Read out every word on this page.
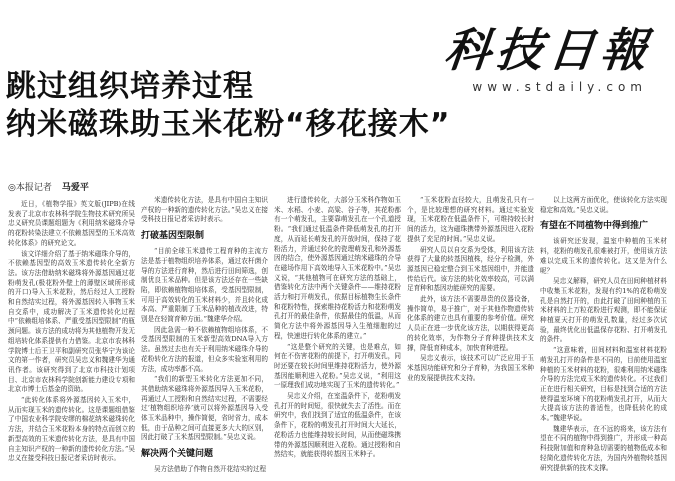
科技日報
www.stdaily.com
跳过组织培养过程
纳米磁珠助玉米花粉“移花接木”
◎本报记者 马爱平

近日，《植物学报》英文版(JIPB)在线发表了北京市农林科学院生物技术研究所吴忠义研究员课题组题为《利用纳米磁珠介导的花粉转染法建立不依赖基因型的玉米高效转化体系》的研究论文。

该文详细介绍了基于纳米磁珠介导的，不依赖基因型的高效玉米遗传转化全新方法。该方法借助纳米磁珠将外源基因通过花粉萌发孔(极花粉外壁上的薄壁区域所形成的开口)导入玉米花粉，然后经过人工授粉和自然结实过程，将外源基因转入事物玉米自交系中，成功解决了玉米遗传转化过程中“依赖组培体系、严重受基因型限制”的瓶颈问题。该方法的成功将为其他植物开发无组培转化体系提供有力借鉴。北京市农林科学院博士后王卫平和副研究员张华宁为该论文的第一作者，研究员吴忠义和魏建华为通讯作者。该研究得到了北京市科技计划项目、北京市农林科学院创新能力建设专项和北京市博士后基金的资助。

“此转化体系将外源基因转入玉米中，从而实现玉米的遗传转化。这是课题组借鉴了中国农业科学院安缪的棉花纳米磁珠转化方法，并结合玉米花粉本身的特点而创立的新型高效的玉米遗传转化方法，是具有中国自主知识产权的一种新的遗传转化方法。”吴忠义在接受科技日报记者采访时表示。

米遗传转化方法，是具有中国自主知识产权的一种新的遗传转化方法。”吴忠义在接受科技日报记者采访时表示。

打破基因型限制

“目前全球玉米遗传工程育种的主流方法是基于植物组织培养体系，通过农杆菌介导的方法进行育种，然后进行田间筛选，创制优良玉米品种。但是该方法还存在一些缺陷，即依赖植物组培体系，受基因型限制，可用于高效转化的玉米材料少，并且转化成本高、严重限制了玉米品种的植改改进，特别是在轻简育种方面。”魏建华介绍。

因此急需一种不依赖植物组培体系，不受基因型限制的玉米新型高效DNA导入方法。虽然过去也有关于利用纳米磁珠介导的花粉转化方法的报道，但众多实验室利用的方法，成功率都不高。

“我们的新型玉米转化方法更加不同，其借助纳米磁珠将外源基因导入玉米花粉，再通过人工授粉和自然结实过程，不需要经过‘植物组织培养’就可以将外源基因导入受体玉米品种中，操作简便，省时省力，成本低，由于品种之间可直接更多大大的区别，因此打破了玉米基因型限制。”吴忠义说。

解决两个关键问题

吴方法借助了作物自然开花结实的过程

进行遗传转化，大部分玉米科作物如玉米、水稻、小麦、高粱、谷子等，其花粉都有一个萌发孔，主要靠萌发孔在一个孔道授粉。“我们通过低温条件降低萌发孔的打开度，从而延长萌发孔的开放时间，保持了花粉活力，并通过转化的瓷理萌发孔和外源基因的结合，使外源基因通过纳米磁珠的介导在磁场作用下高效地导入玉米花粉中。”吴忠义说，“其他植物可在研究方法的基础上，借鉴转化方法中两个关键条件——维持花粉活力和打开萌发孔，依据目标植物生长条件和花粉特性，探索维持花粉活力和花粉萌发孔打开的最佳条件，依据最佳的低温，从而简化方法中将外源基因导入生殖细胞的过程，快速进行转化体系的建立。”

“这是整个研究的关键，也是难点，如何在不伤害花粉的前提下，打开萌发孔，同时还要在较长时间里维持花粉活力，使外源基因能顺利进入花粉。”吴忠义说，“利用这一原理我们成功地实现了玉米的遗传转化。”

吴忠义介绍，在室温条件下，花粉萌发孔打开的时间短，很快就失去了活性。而在研究中，我们找到了适宜的低温条件，在该条件下，花粉的萌发孔打开时间大大延长，花粉活力也能维持较长时间，从而使磁珠携带的外源基因顺利进入花粉。通过授粉和自然结实，就能获得转基因玉米种子。

“玉米花粉直径较大，且萌发孔只有一个，是比较理想的研究材料。通过实验发现，玉米花粉在低温条件下，可维持较长时间的活力，这为磁珠携带外源基因进入花粉提供了充足的时间。”吴忠义说。

研究人员以自交系为受体，利用该方法获得了大量的转基因植株，经分子检测，外源基因已稳定整合到玉米基因组中，并能遗传给后代。该方法的转化效率较高，可以满足育种和基因功能研究的需要。

此外，该方法不需要昂贵的仪器设备，操作简单，易于推广，对于其他作物遗传转化体系的建立也具有重要的参考价值。研究人员正在进一步优化该方法，以期获得更高的转化效率，为作物分子育种提供技术支撑，降低育种成本，加快育种进程。

吴忠义表示，该技术可以广泛应用于玉米基因功能研究和分子育种，为我国玉米种业的发展提供技术支持。

以上这两方面优化，使该转化方法实现稳定和高效。”吴忠义说。

有望在不同植物中得到推广

该研究还发现，温室中种植的玉米材料，花粉的萌发孔很难被打开，使用该方法难以完成玉米的遗传转化。这又是为什么呢？

吴忠义解释，研究人员在田间种植材料中收集玉米花粉，发现有约1%的花粉萌发孔是自然打开的，由此打破了田间种植的玉米材料的上万粒花粉进行观测，即不能保证种植夏天打开的萌发孔数量，经过多次试验，最终优化出低温保存花粉、打开萌发孔的条件。

“这意味着，田间材料和温室材料花粉萌发孔打开的条件是不同的，目前使用温室种植的玉米材料的花粉，很难利用纳米磁珠介导的方法完成玉米的遗传转化。不过我们正在进行相关研究，目标是找到合适的方法使得温室环境下的花粉萌发孔打开，从而大大提高该方法的普适性，也降低转化的成本。”魏建华说。

魏建华表示，在不远的将来，该方法有望在不同的植物中得到推广，并形成一种高科技附加值和育种急切需要的植物低成本和轻简化遗传转化方法，为国内外植物转基因研究提供新的技术支撑。
